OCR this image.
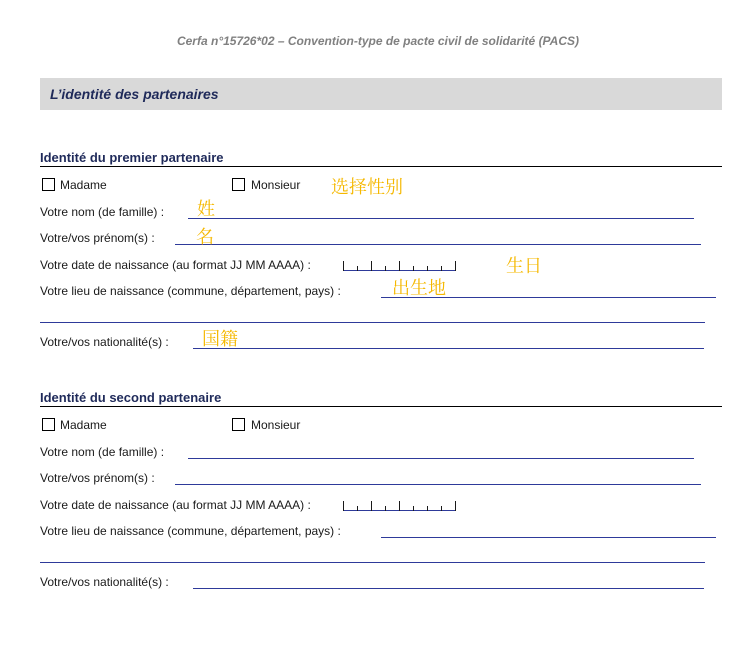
Cerfa n°15726*02 – Convention-type de pacte civil de solidarité (PACS)
L’identité des partenaires
Identité du premier partenaire
Madame	Monsieur 选择性别
Votre nom (de famille) : 姓
Votre/vos prénom(s) : 名
Votre date de naissance (au format JJ MM AAAA) :	生日
Votre lieu de naissance (commune, département, pays) :	出生地
Votre/vos nationalité(s) : 国籍
Identité du second partenaire
Madame	Monsieur
Votre nom (de famille) :
Votre/vos prénom(s) :
Votre date de naissance (au format JJ MM AAAA) :
Votre lieu de naissance (commune, département, pays) :
Votre/vos nationalité(s) :
